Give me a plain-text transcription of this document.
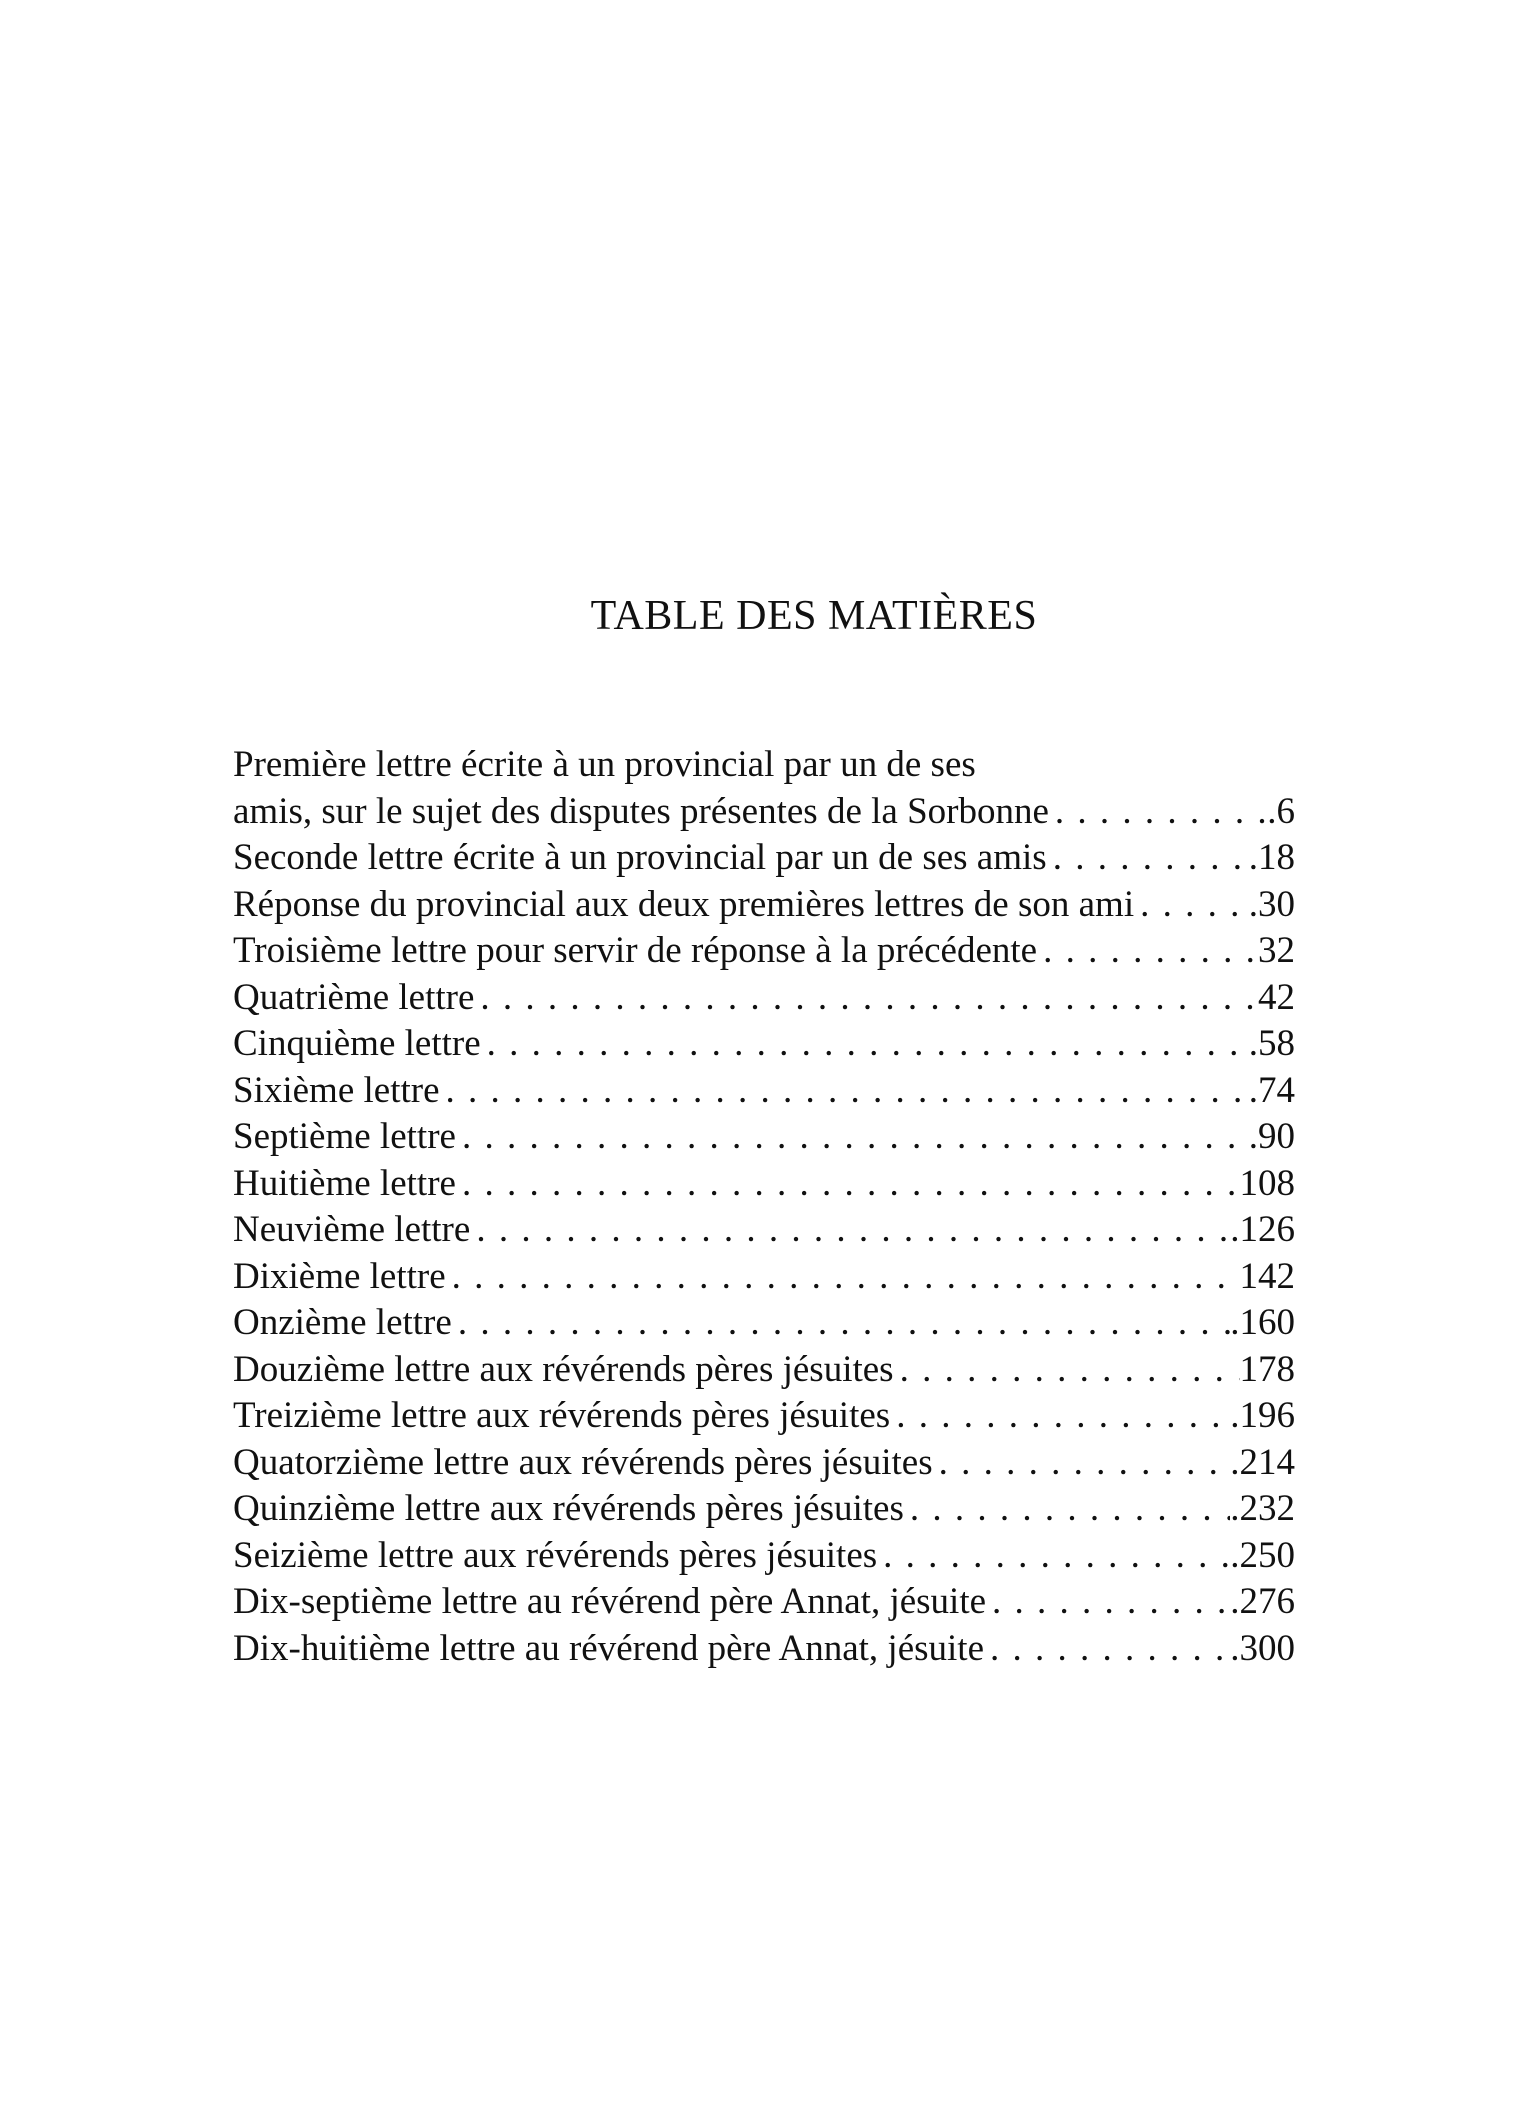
TABLE DES MATIÈRES
Première lettre écrite à un provincial par un de ses
amis, sur le sujet des disputes présentes de la Sorbonne . . .	.6
Seconde lettre écrite à un provincial par un de ses amis . . .	.18
Réponse du provincial aux deux premières lettres de son ami . . .	.30
Troisième lettre pour servir de réponse à la précédente . . .	32
Quatrième lettre . . .	42
Cinquième lettre . . .	.58
Sixième lettre . . .	.74
Septième lettre . . .	.90
Huitième lettre . . .	108
Neuvième lettre . . .	.126
Dixième lettre . . .	142
Onzième lettre . . .	.160
Douzième lettre aux révérends pères jésuites . . .	178
Treizième lettre aux révérends pères jésuites . . .	.196
Quatorzième lettre aux révérends pères jésuites . . .	.214
Quinzième lettre aux révérends pères jésuites . . .	.232
Seizième lettre aux révérends pères jésuites . . .	.250
Dix-septième lettre au révérend père Annat, jésuite . . .	.276
Dix-huitième lettre au révérend père Annat, jésuite . . .	.300
